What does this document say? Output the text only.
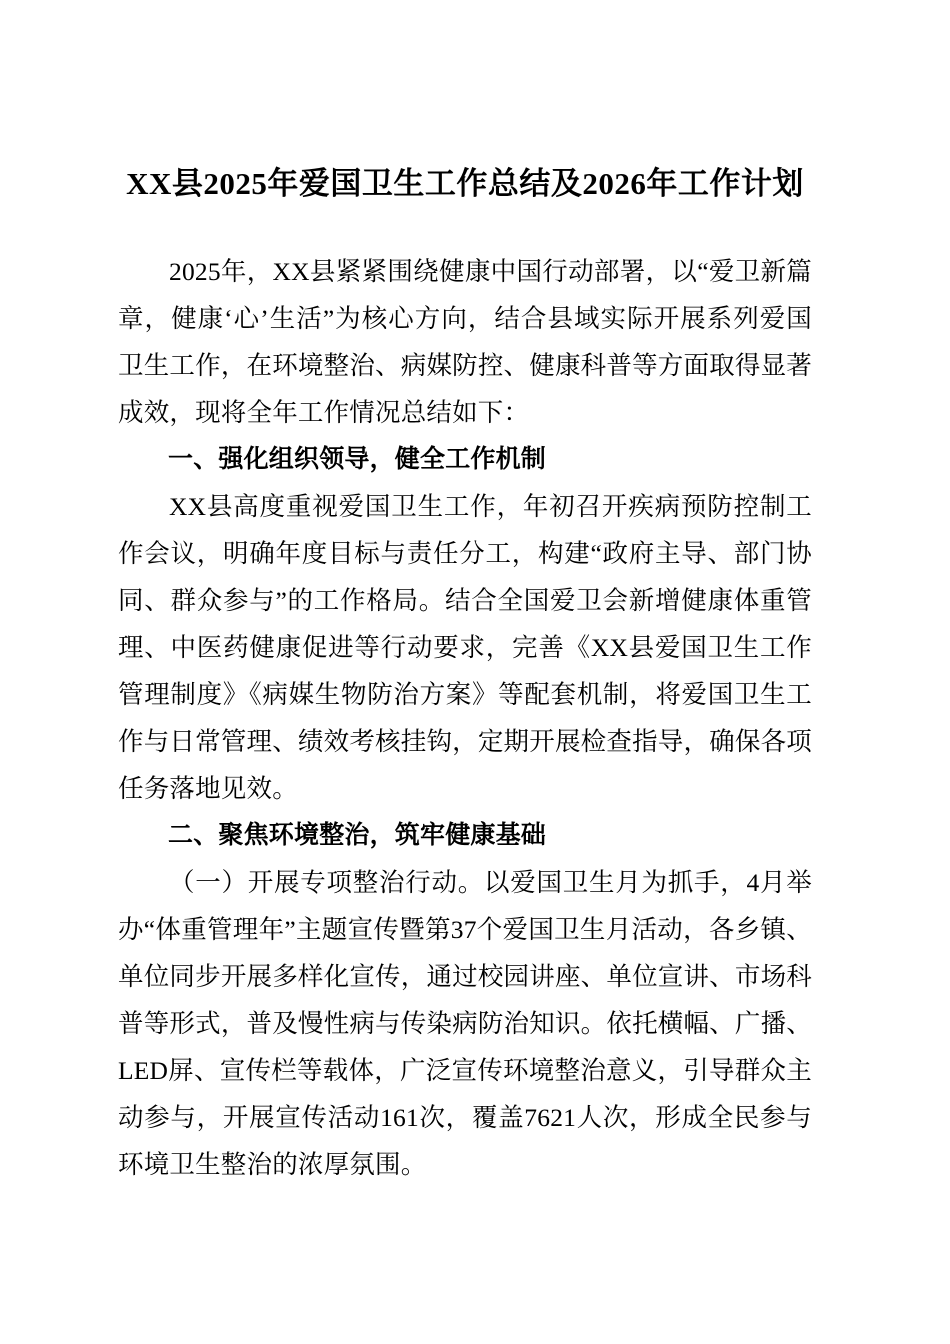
XX县2025年爱国卫生工作总结及2026年工作计划

2025年，XX县紧紧围绕健康中国行动部署，以“爱卫新篇章，健康‘心’生活”为核心方向，结合县域实际开展系列爱国卫生工作，在环境整治、病媒防控、健康科普等方面取得显著成效，现将全年工作情况总结如下：

一、强化组织领导，健全工作机制

XX县高度重视爱国卫生工作，年初召开疾病预防控制工作会议，明确年度目标与责任分工，构建“政府主导、部门协同、群众参与”的工作格局。结合全国爱卫会新增健康体重管理、中医药健康促进等行动要求，完善《XX县爱国卫生工作管理制度》《病媒生物防治方案》等配套机制，将爱国卫生工作与日常管理、绩效考核挂钩，定期开展检查指导，确保各项任务落地见效。

二、聚焦环境整治，筑牢健康基础

（一）开展专项整治行动。以爱国卫生月为抓手，4月举办“体重管理年”主题宣传暨第37个爱国卫生月活动，各乡镇、单位同步开展多样化宣传，通过校园讲座、单位宣讲、市场科普等形式，普及慢性病与传染病防治知识。依托横幅、广播、LED屏、宣传栏等载体，广泛宣传环境整治意义，引导群众主动参与，开展宣传活动161次，覆盖7621人次，形成全民参与环境卫生整治的浓厚氛围。
